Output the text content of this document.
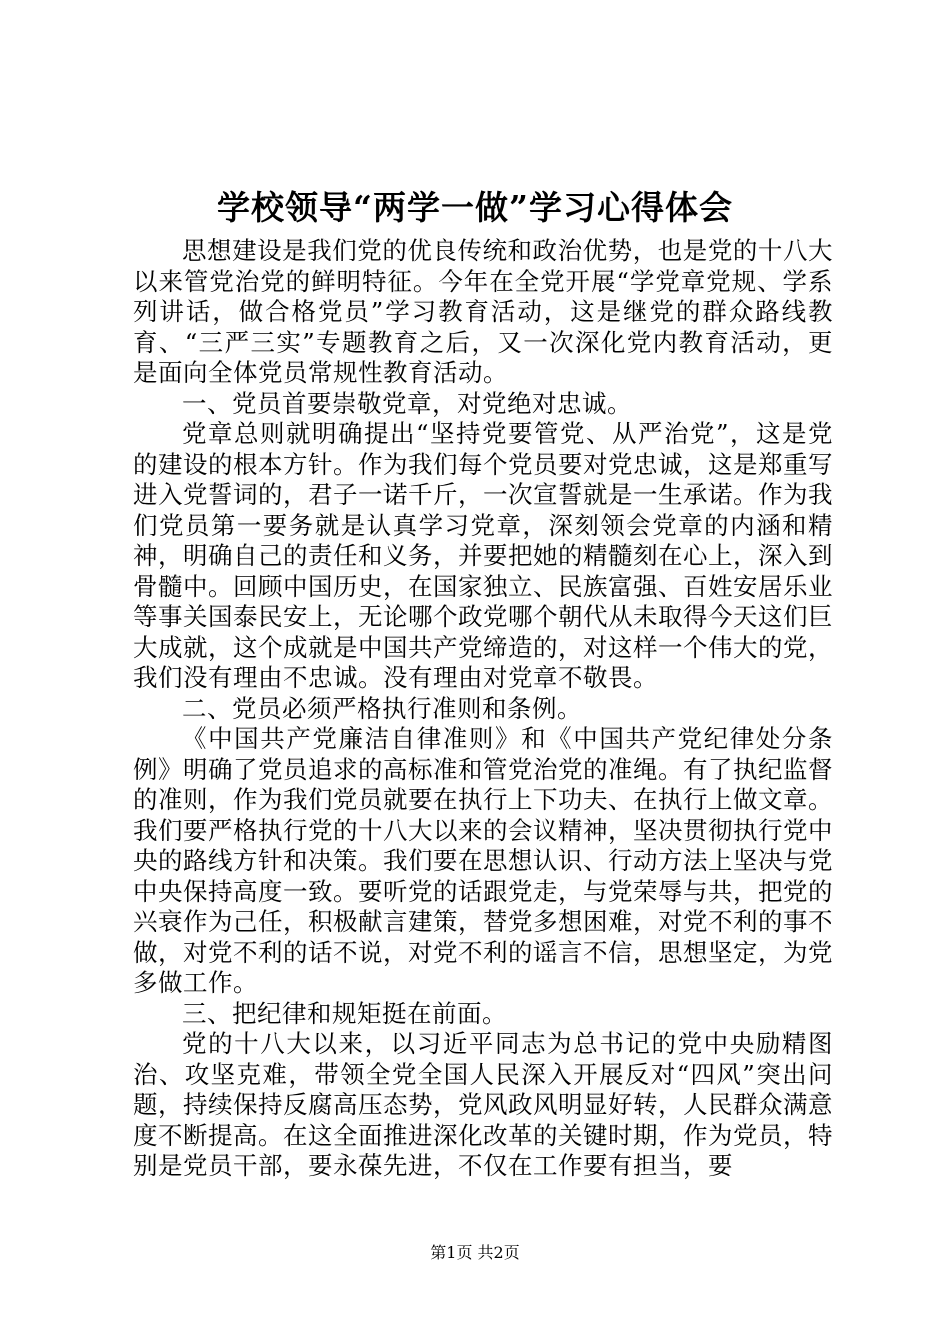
学校领导“两学一做”学习心得体会

思想建设是我们党的优良传统和政治优势，也是党的十八大以来管党治党的鲜明特征。今年在全党开展“学党章党规、学系列讲话，做合格党员”学习教育活动，这是继党的群众路线教育、“三严三实”专题教育之后，又一次深化党内教育活动，更是面向全体党员常规性教育活动。

一、党员首要崇敬党章，对党绝对忠诚。

党章总则就明确提出“坚持党要管党、从严治党”，这是党的建设的根本方针。作为我们每个党员要对党忠诚，这是郑重写进入党誓词的，君子一诺千斤，一次宣誓就是一生承诺。作为我们党员第一要务就是认真学习党章，深刻领会党章的内涵和精神，明确自己的责任和义务，并要把她的精髓刻在心上，深入到骨髓中。回顾中国历史，在国家独立、民族富强、百姓安居乐业等事关国泰民安上，无论哪个政党哪个朝代从未取得今天这们巨大成就，这个成就是中国共产党缔造的，对这样一个伟大的党，我们没有理由不忠诚。没有理由对党章不敬畏。

二、党员必须严格执行准则和条例。

《中国共产党廉洁自律准则》和《中国共产党纪律处分条例》明确了党员追求的高标准和管党治党的准绳。有了执纪监督的准则，作为我们党员就要在执行上下功夫、在执行上做文章。我们要严格执行党的十八大以来的会议精神，坚决贯彻执行党中央的路线方针和决策。我们要在思想认识、行动方法上坚决与党中央保持高度一致。要听党的话跟党走，与党荣辱与共，把党的兴衰作为己任，积极献言建策，替党多想困难，对党不利的事不做，对党不利的话不说，对党不利的谣言不信，思想坚定，为党多做工作。

三、把纪律和规矩挺在前面。

党的十八大以来，以习近平同志为总书记的党中央励精图治、攻坚克难，带领全党全国人民深入开展反对“四风”突出问题，持续保持反腐高压态势，党风政风明显好转，人民群众满意度不断提高。在这全面推进深化改革的关键时期，作为党员，特别是党员干部，要永葆先进，不仅在工作要有担当，要

第1页 共2页
